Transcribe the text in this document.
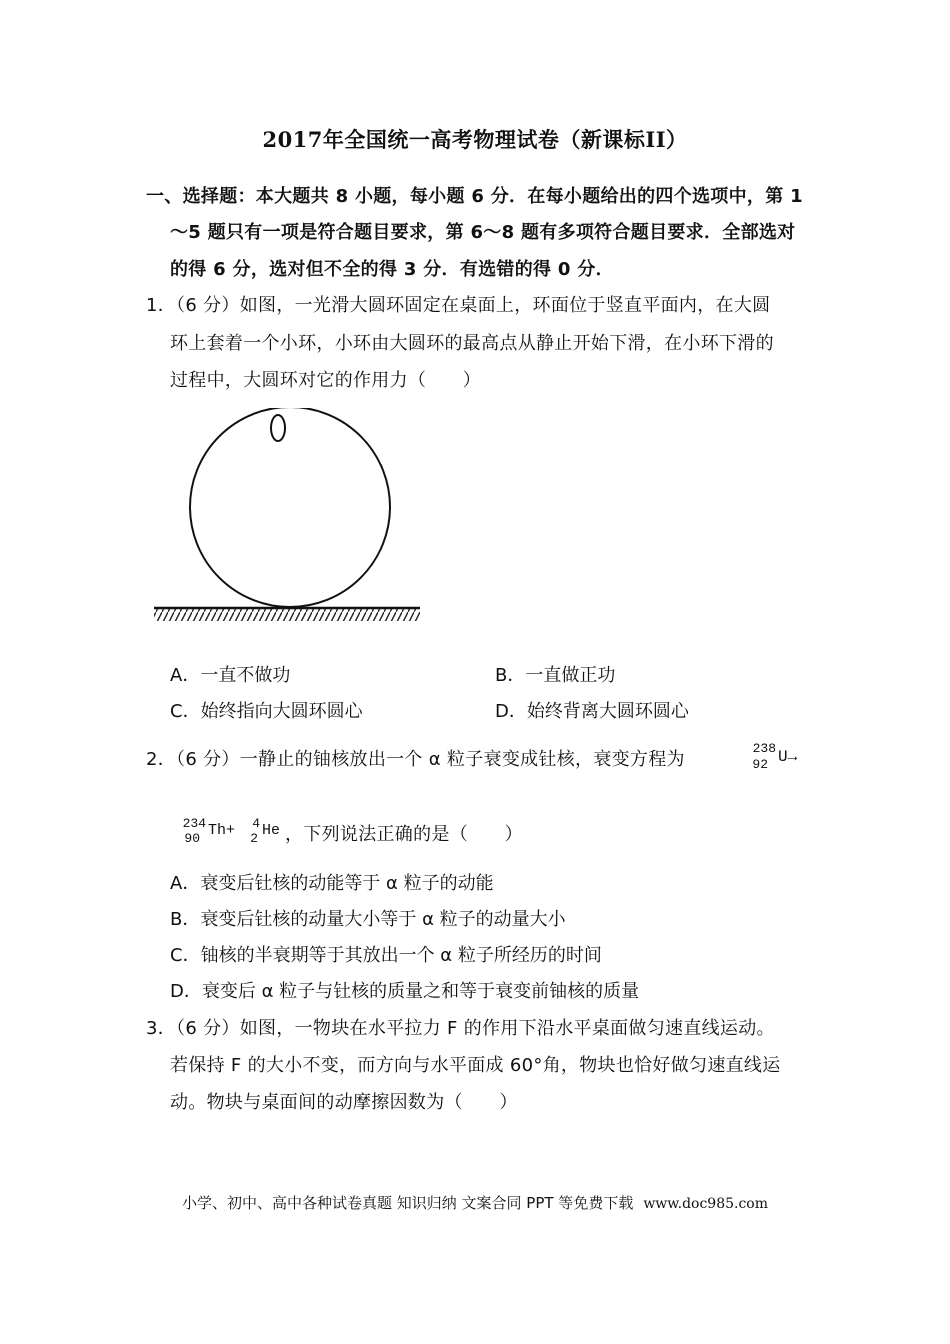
2017年全国统一高考物理试卷（新课标II）
一、选择题：本大题共 8 小题，每小题 6 分．在每小题给出的四个选项中，第 1
～5 题只有一项是符合题目要求，第 6～8 题有多项符合题目要求．全部选对
的得 6 分，选对但不全的得 3 分．有选错的得 0 分．
1．（6 分）如图，一光滑大圆环固定在桌面上，环面位于竖直平面内，在大圆
环上套着一个小环，小环由大圆环的最高点从静止开始下滑，在小环下滑的
过程中，大圆环对它的作用力（　　）
A．一直不做功	B．一直做正功
C．始终指向大圆环圆心	D．始终背离大圆环圆心
2．（6 分）一静止的铀核放出一个 α 粒子衰变成钍核，衰变方程为
238
92 U→
234
90 Th+	4
2 He ，下列说法正确的是（　　）
A．衰变后钍核的动能等于 α 粒子的动能
B．衰变后钍核的动量大小等于 α 粒子的动量大小
C．铀核的半衰期等于其放出一个 α 粒子所经历的时间
D．衰变后 α 粒子与钍核的质量之和等于衰变前铀核的质量
3．（6 分）如图，一物块在水平拉力 F 的作用下沿水平桌面做匀速直线运动。
若保持 F 的大小不变，而方向与水平面成 60°角，物块也恰好做匀速直线运
动。物块与桌面间的动摩擦因数为（　　）
小学、初中、高中各种试卷真题 知识归纳 文案合同 PPT 等免费下载 www.doc985.com
